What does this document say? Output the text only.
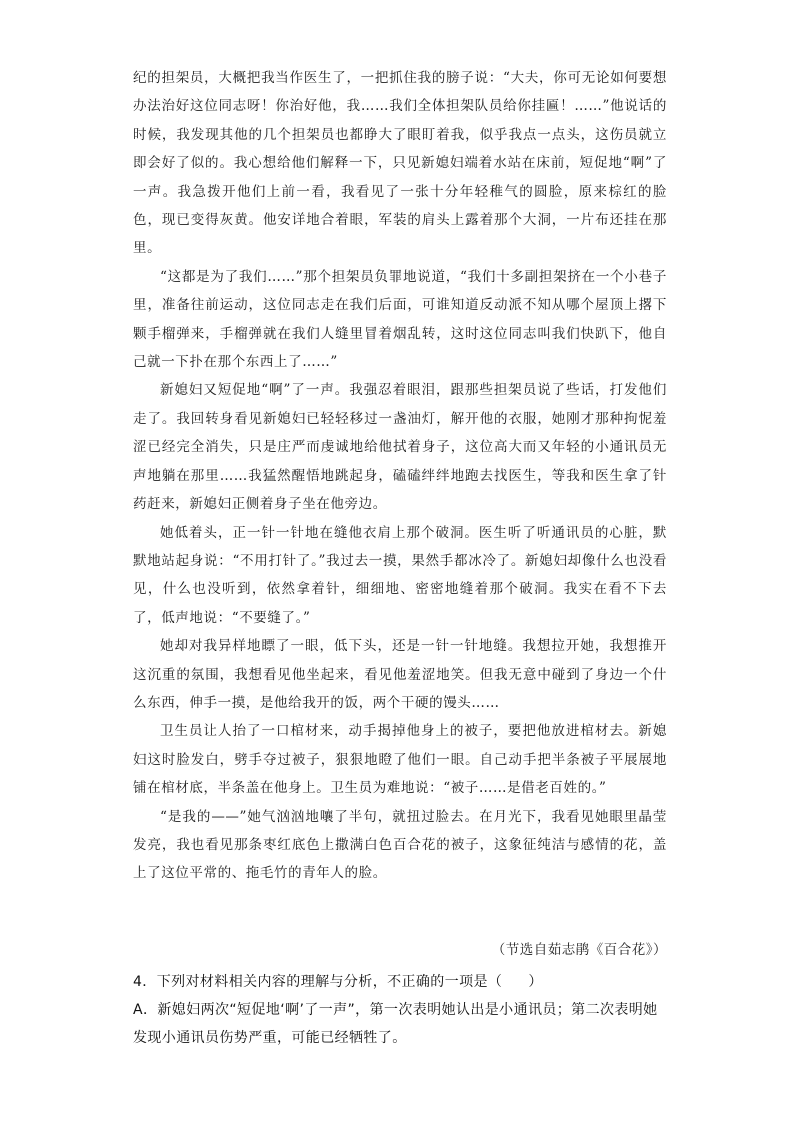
纪的担架员，大概把我当作医生了，一把抓住我的膀子说：“大夫，你可无论如何要想办法治好这位同志呀！你治好他，我……我们全体担架队员给你挂匾！……”他说话的时候，我发现其他的几个担架员也都睁大了眼盯着我，似乎我点一点头，这伤员就立即会好了似的。我心想给他们解释一下，只见新媳妇端着水站在床前，短促地“啊”了一声。我急拨开他们上前一看，我看见了一张十分年轻稚气的圆脸，原来棕红的脸色，现已变得灰黄。他安详地合着眼，军装的肩头上露着那个大洞，一片布还挂在那里。

“这都是为了我们……”那个担架员负罪地说道，“我们十多副担架挤在一个小巷子里，准备往前运动，这位同志走在我们后面，可谁知道反动派不知从哪个屋顶上撂下颗手榴弹来，手榴弹就在我们人缝里冒着烟乱转，这时这位同志叫我们快趴下，他自己就一下扑在那个东西上了……”

新媳妇又短促地“啊”了一声。我强忍着眼泪，跟那些担架员说了些话，打发他们走了。我回转身看见新媳妇已轻轻移过一盏油灯，解开他的衣服，她刚才那种拘怩羞涩已经完全消失，只是庄严而虔诚地给他拭着身子，这位高大而又年轻的小通讯员无声地躺在那里……我猛然醒悟地跳起身，磕磕绊绊地跑去找医生，等我和医生拿了针药赶来，新媳妇正侧着身子坐在他旁边。

她低着头，正一针一针地在缝他衣肩上那个破洞。医生听了听通讯员的心脏，默默地站起身说：“不用打针了。”我过去一摸，果然手都冰冷了。新媳妇却像什么也没看见，什么也没听到，依然拿着针，细细地、密密地缝着那个破洞。我实在看不下去了，低声地说：“不要缝了。”

她却对我异样地瞟了一眼，低下头，还是一针一针地缝。我想拉开她，我想推开这沉重的氛围，我想看见他坐起来，看见他羞涩地笑。但我无意中碰到了身边一个什么东西，伸手一摸，是他给我开的饭，两个干硬的馒头……

卫生员让人抬了一口棺材来，动手揭掉他身上的被子，要把他放进棺材去。新媳妇这时脸发白，劈手夺过被子，狠狠地瞪了他们一眼。自己动手把半条被子平展展地铺在棺材底，半条盖在他身上。卫生员为难地说：“被子……是借老百姓的。”

“是我的——”她气汹汹地嚷了半句，就扭过脸去。在月光下，我看见她眼里晶莹发亮，我也看见那条枣红底色上撒满白色百合花的被子，这象征纯洁与感情的花，盖上了这位平常的、拖毛竹的青年人的脸。

（节选自茹志鹃《百合花》）

4．下列对材料相关内容的理解与分析，不正确的一项是（ ）

A．新媳妇两次“短促地‘啊’了一声”，第一次表明她认出是小通讯员；第二次表明她发现小通讯员伤势严重，可能已经牺牲了。
